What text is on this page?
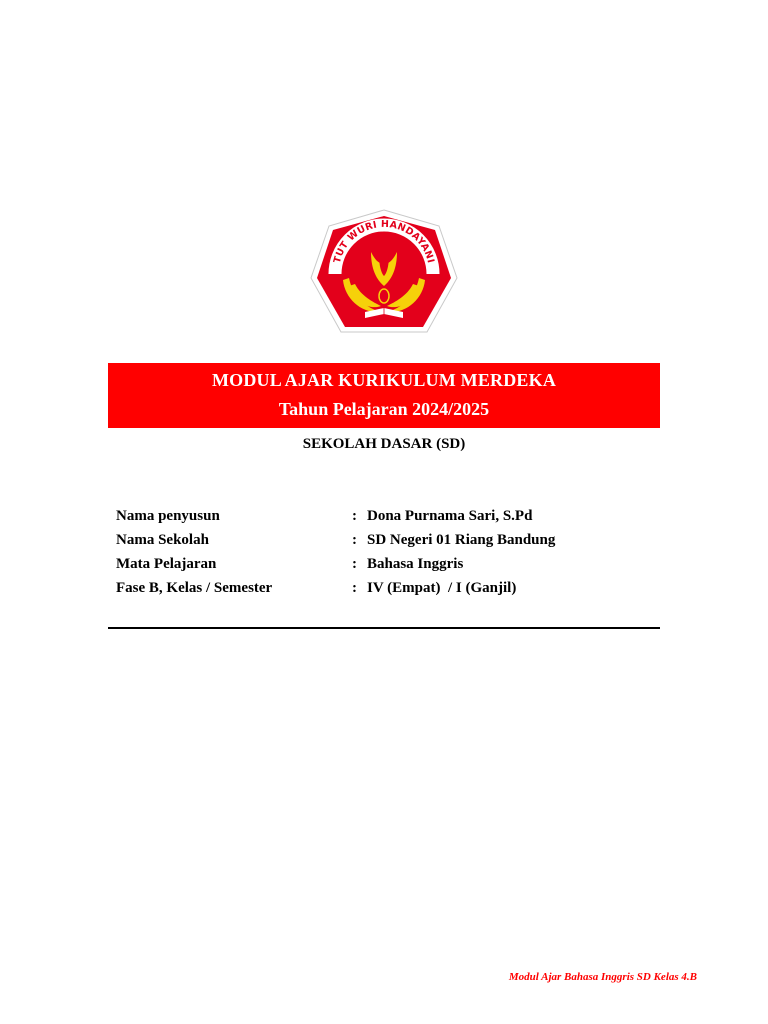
TUT WURI HANDAYANI
MODUL AJAR KURIKULUM MERDEKA
Tahun Pelajaran 2024/2025
SEKOLAH DASAR (SD)
Nama penyusun	: Dona Purnama Sari, S.Pd
Nama Sekolah	: SD Negeri 01 Riang Bandung
Mata Pelajaran	: Bahasa Inggris
Fase B, Kelas / Semester	: IV (Empat)  / I (Ganjil)
Modul Ajar Bahasa Inggris SD Kelas 4.B
